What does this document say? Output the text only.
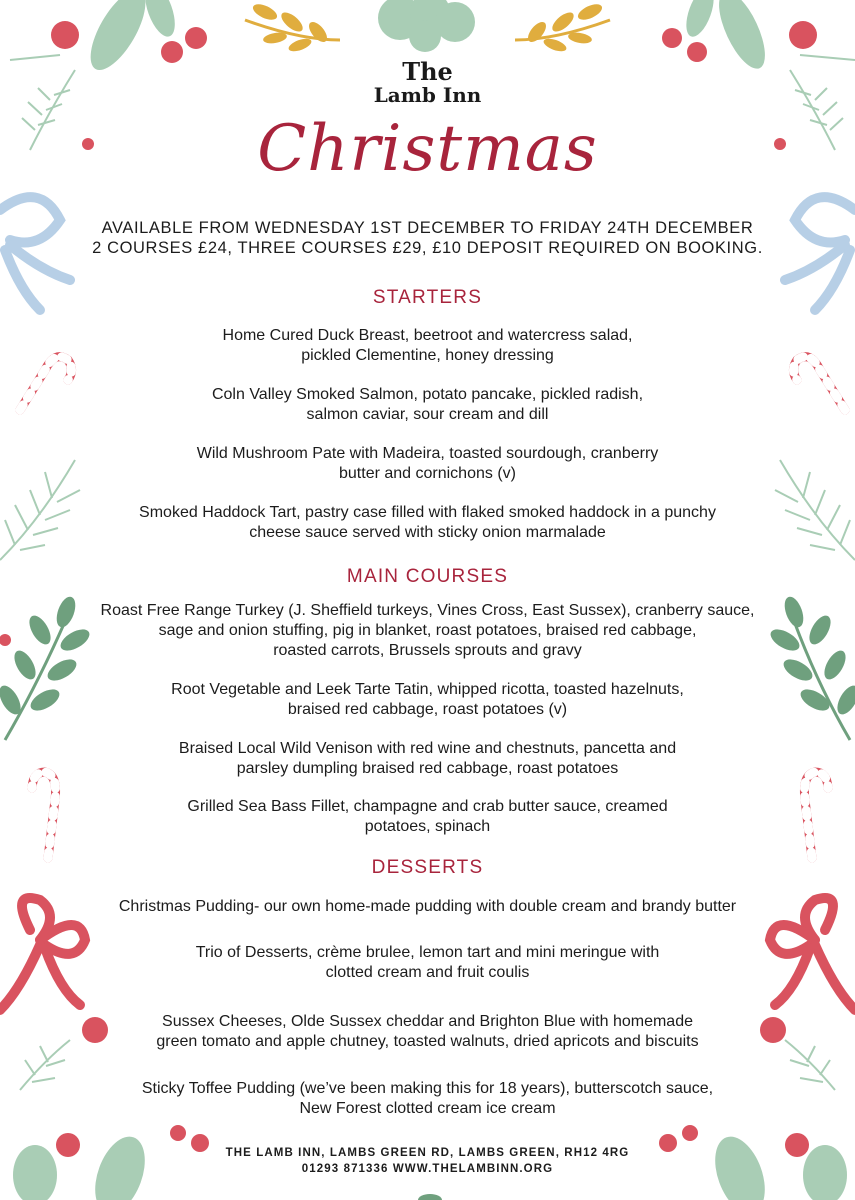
The
Lamb Inn
Christmas
AVAILABLE FROM WEDNESDAY 1ST DECEMBER TO FRIDAY 24TH DECEMBER
2 COURSES £24, THREE COURSES £29, £10 DEPOSIT REQUIRED ON BOOKING.
STARTERS
Home Cured Duck Breast, beetroot and watercress salad,
pickled Clementine, honey dressing
Coln Valley Smoked Salmon, potato pancake, pickled radish,
salmon caviar, sour cream and dill
Wild Mushroom Pate with Madeira, toasted sourdough, cranberry
butter and cornichons (v)
Smoked Haddock Tart, pastry case filled with flaked smoked haddock in a punchy
cheese sauce served with sticky onion marmalade
MAIN COURSES
Roast Free Range Turkey (J. Sheffield turkeys, Vines Cross, East Sussex), cranberry sauce,
sage and onion stuffing, pig in blanket, roast potatoes, braised red cabbage,
roasted carrots, Brussels sprouts and gravy
Root Vegetable and Leek Tarte Tatin, whipped ricotta, toasted hazelnuts,
braised red cabbage, roast potatoes (v)
Braised Local Wild Venison with red wine and chestnuts, pancetta and
parsley dumpling braised red cabbage, roast potatoes
Grilled Sea Bass Fillet, champagne and crab butter sauce, creamed
potatoes, spinach
DESSERTS
Christmas Pudding- our own home-made pudding with double cream and brandy butter
Trio of Desserts, crème brulee, lemon tart and mini meringue with
clotted cream and fruit coulis
Sussex Cheeses, Olde Sussex cheddar and Brighton Blue with homemade
green tomato and apple chutney, toasted walnuts, dried apricots and biscuits
Sticky Toffee Pudding (we’ve been making this for 18 years), butterscotch sauce,
New Forest clotted cream ice cream
THE LAMB INN, LAMBS GREEN RD, LAMBS GREEN, RH12 4RG
01293 871336 WWW.THELAMBINN.ORG
